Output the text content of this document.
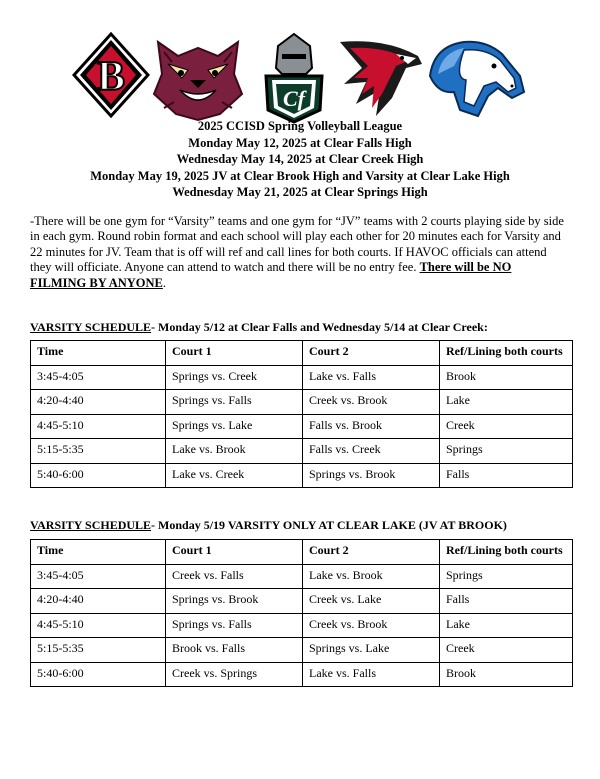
B	Cf
2025 CCISD Spring Volleyball League
Monday May 12, 2025 at Clear Falls High
Wednesday May 14, 2025 at Clear Creek High
Monday May 19, 2025 JV at Clear Brook High and Varsity at Clear Lake High
Wednesday May 21, 2025 at Clear Springs High
-There will be one gym for “Varsity” teams and one gym for “JV” teams with 2 courts playing side by side in each gym. Round robin format and each school will play each other for 20 minutes each for Varsity and 22 minutes for JV. Team that is off will ref and call lines for both courts. If HAVOC officials can attend they will officiate. Anyone can attend to watch and there will be no entry fee. There will be NO FILMING BY ANYONE.
VARSITY SCHEDULE- Monday 5/12 at Clear Falls and Wednesday 5/14 at Clear Creek:
Time	Court 1	Court 2	Ref/Lining both courts
3:45-4:05	Springs vs. Creek	Lake vs. Falls	Brook
4:20-4:40	Springs vs. Falls	Creek vs. Brook	Lake
4:45-5:10	Springs vs. Lake	Falls vs. Brook	Creek
5:15-5:35	Lake vs. Brook	Falls vs. Creek	Springs
5:40-6:00	Lake vs. Creek	Springs vs. Brook	Falls
VARSITY SCHEDULE- Monday 5/19 VARSITY ONLY AT CLEAR LAKE (JV AT BROOK)
Time	Court 1	Court 2	Ref/Lining both courts
3:45-4:05	Creek vs. Falls	Lake vs. Brook	Springs
4:20-4:40	Springs vs. Brook	Creek vs. Lake	Falls
4:45-5:10	Springs vs. Falls	Creek vs. Brook	Lake
5:15-5:35	Brook vs. Falls	Springs vs. Lake	Creek
5:40-6:00	Creek vs. Springs	Lake vs. Falls	Brook
